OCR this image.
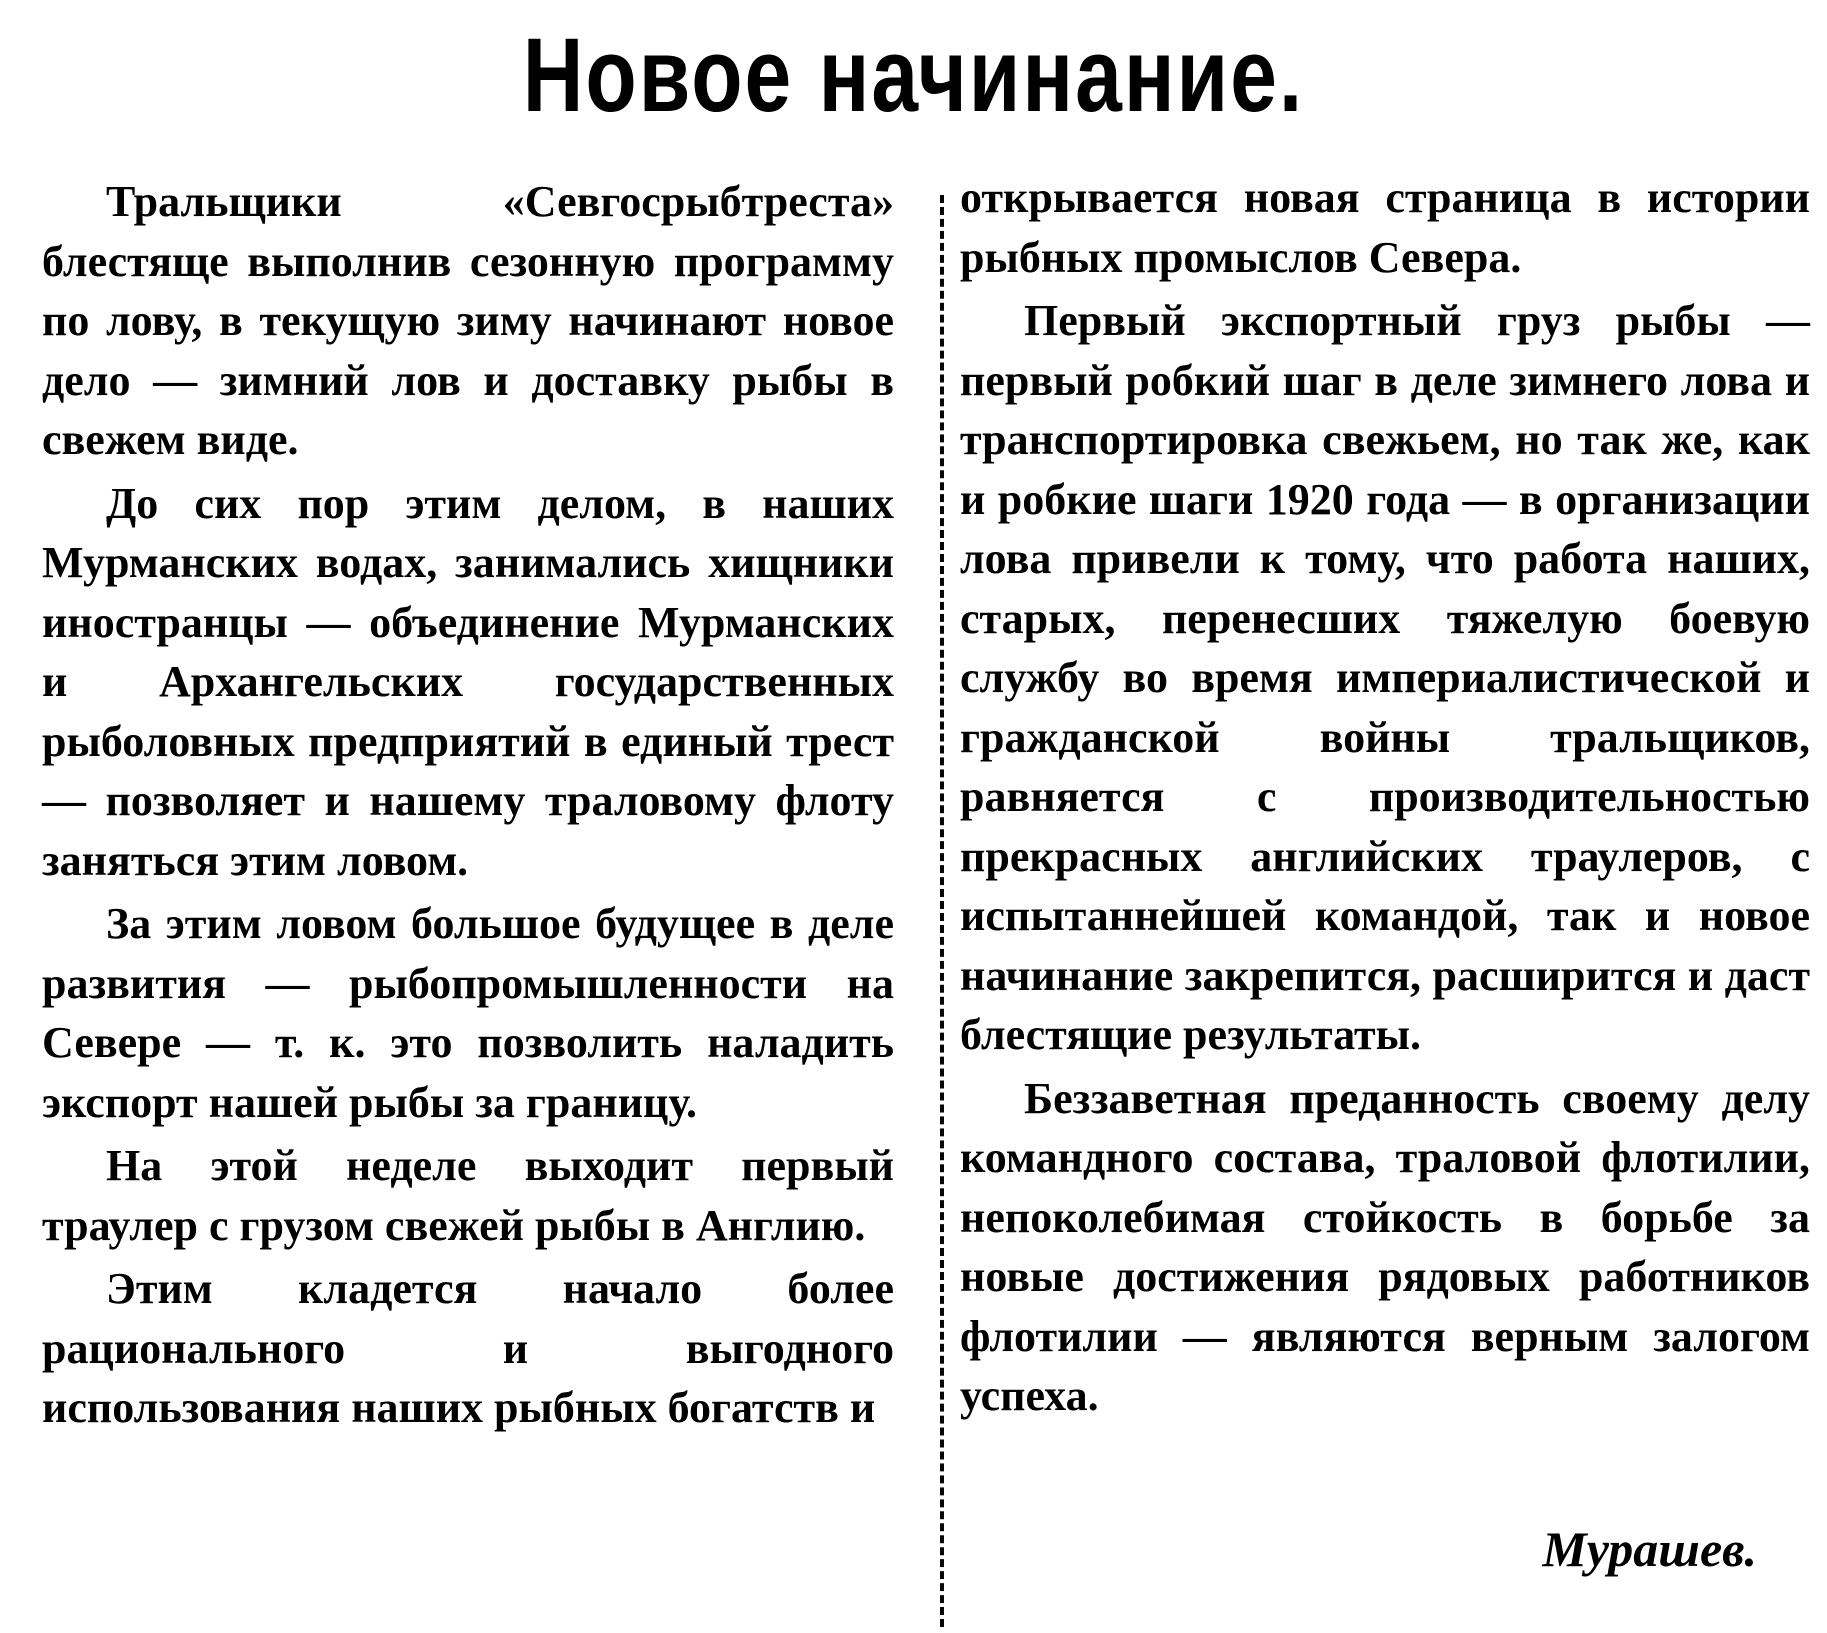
Новое начинание.

Тральщики «Севгосрыбтреста» блестяще выполнив сезонную программу по лову, в текущую зиму начинают новое дело — зимний лов и доставку рыбы в свежем виде.

До сих пор этим делом, в наших Мурманских водах, занимались хищники иностранцы — объединение Мурманских и Архангельских государственных рыболовных предприятий в единый трест — позволяет и нашему траловому флоту заняться этим ловом.

За этим ловом большое будущее в деле развития — рыбопромышленности на Севере — т. к. это позволить наладить экспорт нашей рыбы за границу.

На этой неделе выходит первый траулер с грузом свежей рыбы в Англию.

Этим кладется начало более рационального и выгодного использования наших рыбных богатств и

открывается новая страница в истории рыбных промыслов Севера.

Первый экспортный груз рыбы — первый робкий шаг в деле зимнего лова и транспортировка свежьем, но так же, как и робкие шаги 1920 года — в организации лова привели к тому, что работа наших, старых, перенесших тяжелую боевую службу во время империалистической и гражданской войны тральщиков, равняется с производительностью прекрасных английских траулеров, с испытаннейшей командой, так и новое начинание закрепится, расширится и даст блестящие результаты.

Беззаветная преданность своему делу командного состава, траловой флотилии, непоколебимая стойкость в борьбе за новые достижения рядовых работников флотилии — являются верным залогом успеха.

Мурашев.
